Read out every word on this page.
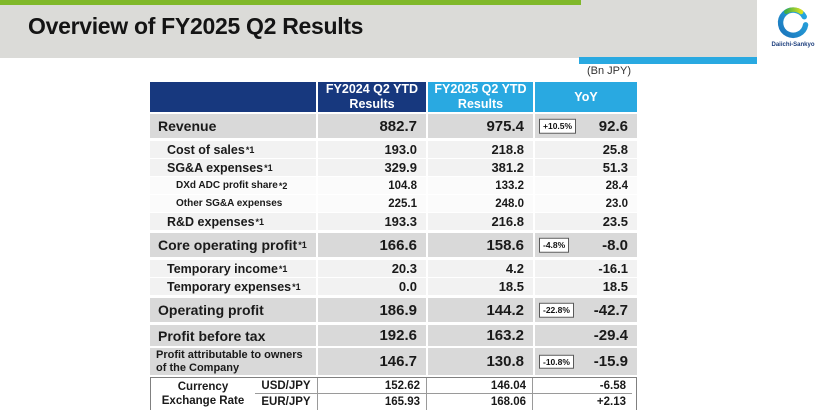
Overview of FY2025 Q2 Results
Daiichi-Sankyo
(Bn JPY)
FY2024 Q2 YTD
Results
FY2025 Q2 YTD
Results
YoY
Revenue	882.7	975.4	+10.5% 92.6
Cost of sales *1	193.0	218.8	25.8
SG&A expenses *1	329.9	381.2	51.3
DXd ADC profit share *2	104.8	133.2	28.4
Other SG&A expenses	225.1	248.0	23.0
R&D expenses *1	193.3	216.8	23.5
Core operating profit *1	166.6	158.6	-4.8% -8.0
Temporary income *1	20.3	4.2	-16.1
Temporary expenses *1	0.0	18.5	18.5
Operating profit	186.9	144.2	-22.8% -42.7
Profit before tax	192.6	163.2	-29.4
Profit attributable to owners of the Company	146.7	130.8	-10.8% -15.9
Currency
Exchange Rate
USD/JPY	152.62	146.04	-6.58
EUR/JPY	165.93	168.06	+2.13
